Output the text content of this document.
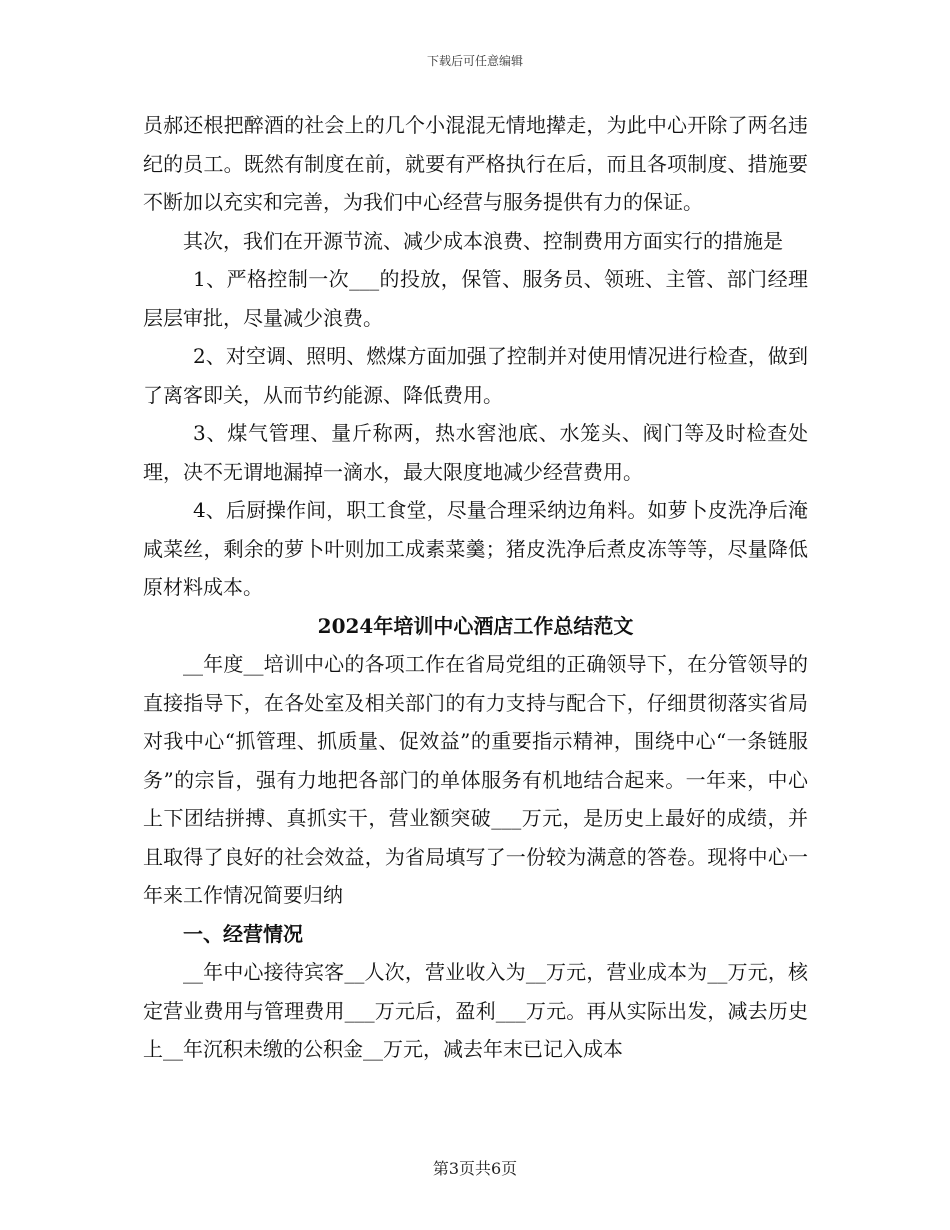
下载后可任意编辑

员郝还根把醉酒的社会上的几个小混混无情地撵走，为此中心开除了两名违纪的员工。既然有制度在前，就要有严格执行在后，而且各项制度、措施要不断加以充实和完善，为我们中心经营与服务提供有力的保证。

其次，我们在开源节流、减少成本浪费、控制费用方面实行的措施是

1、严格控制一次___的投放，保管、服务员、领班、主管、部门经理层层审批，尽量减少浪费。

2、对空调、照明、燃煤方面加强了控制并对使用情况进行检查，做到了离客即关，从而节约能源、降低费用。

3、煤气管理、量斤称两，热水窖池底、水笼头、阀门等及时检查处理，决不无谓地漏掉一滴水，最大限度地减少经营费用。

4、后厨操作间，职工食堂，尽量合理采纳边角料。如萝卜皮洗净后淹咸菜丝，剩余的萝卜叶则加工成素菜羹；猪皮洗净后煮皮冻等等，尽量降低原材料成本。

2024年培训中心酒店工作总结范文

__年度__培训中心的各项工作在省局党组的正确领导下，在分管领导的直接指导下，在各处室及相关部门的有力支持与配合下，仔细贯彻落实省局对我中心“抓管理、抓质量、促效益”的重要指示精神，围绕中心“一条链服务”的宗旨，强有力地把各部门的单体服务有机地结合起来。一年来，中心上下团结拼搏、真抓实干，营业额突破___万元，是历史上最好的成绩，并且取得了良好的社会效益，为省局填写了一份较为满意的答卷。现将中心一年来工作情况简要归纳

一、经营情况

__年中心接待宾客__人次，营业收入为__万元，营业成本为__万元，核定营业费用与管理费用___万元后，盈利___万元。再从实际出发，减去历史上__年沉积未缴的公积金__万元，减去年末已记入成本

第3页共6页
